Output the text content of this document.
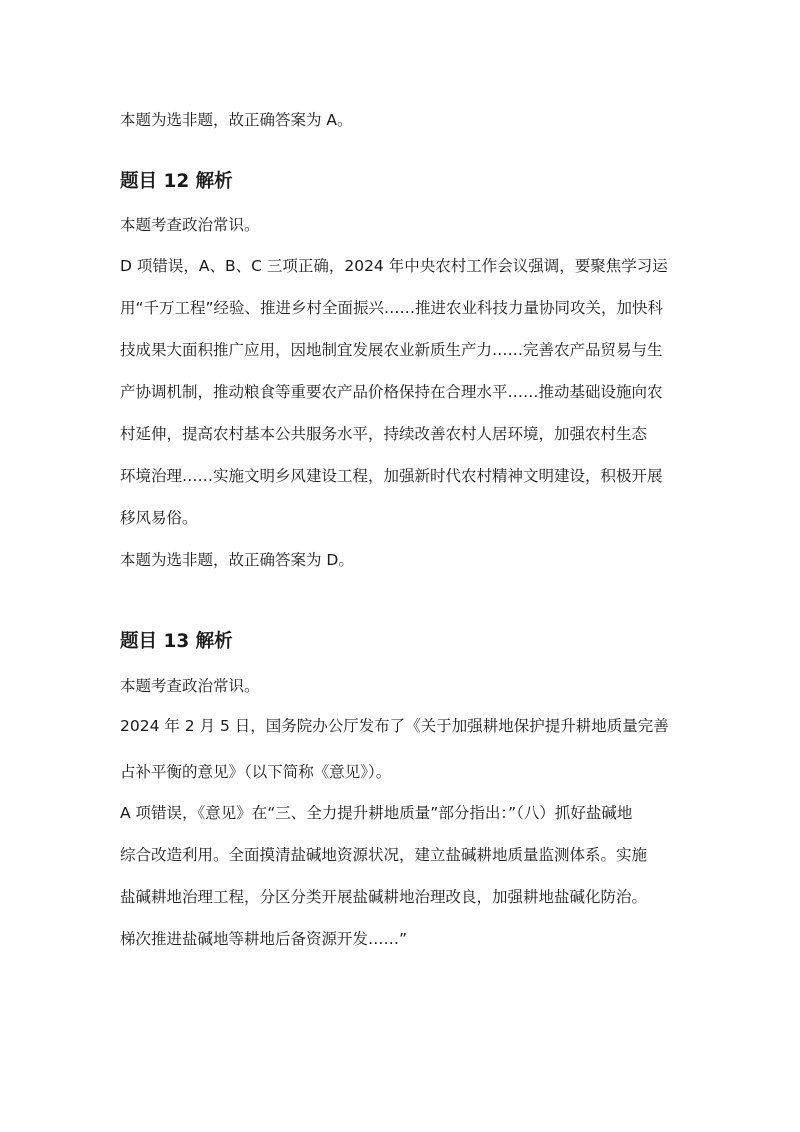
本题为选非题，故正确答案为 A。
题目 12 解析
本题考查政治常识。
D 项错误，A、B、C 三项正确，2024 年中央农村工作会议强调，要聚焦学习运
用“千万工程”经验、推进乡村全面振兴……推进农业科技力量协同攻关，加快科
技成果大面积推广应用，因地制宜发展农业新质生产力……完善农产品贸易与生
产协调机制，推动粮食等重要农产品价格保持在合理水平……推动基础设施向农
村延伸，提高农村基本公共服务水平，持续改善农村人居环境，加强农村生态
环境治理……实施文明乡风建设工程，加强新时代农村精神文明建设，积极开展
移风易俗。
本题为选非题，故正确答案为 D。
题目 13 解析
本题考查政治常识。
2024 年 2 月 5 日，国务院办公厅发布了《关于加强耕地保护提升耕地质量完善
占补平衡的意见》（以下简称《意见》）。
A 项错误，《意见》在“三、全力提升耕地质量”部分指出：”（八）抓好盐碱地
综合改造利用。全面摸清盐碱地资源状况，建立盐碱耕地质量监测体系。实施
盐碱耕地治理工程，分区分类开展盐碱耕地治理改良，加强耕地盐碱化防治。
梯次推进盐碱地等耕地后备资源开发……”
